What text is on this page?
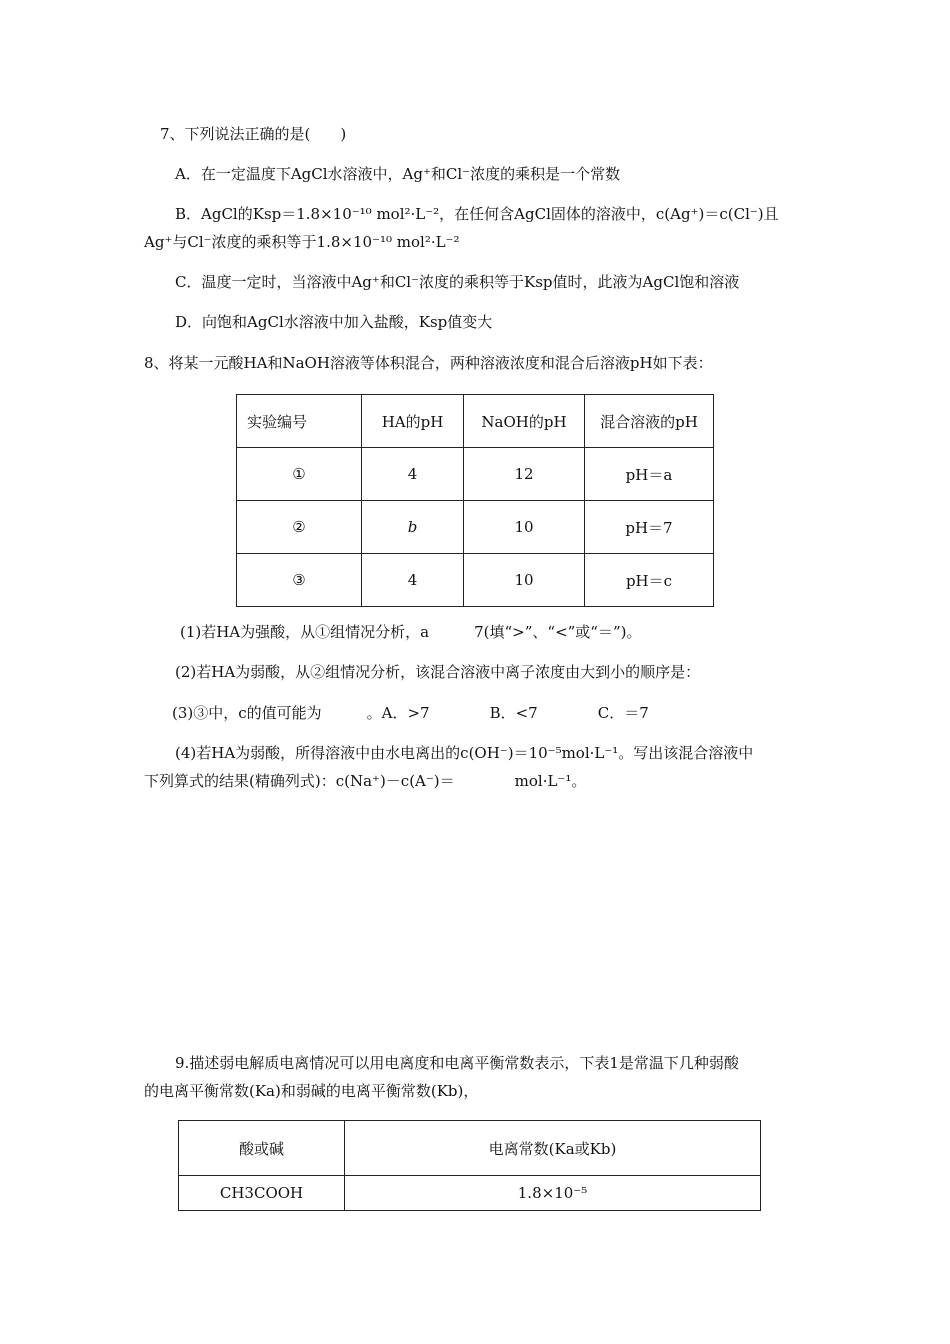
7、下列说法正确的是(　　)
A．在一定温度下AgCl水溶液中，Ag⁺和Cl⁻浓度的乘积是一个常数
B．AgCl的Ksp＝1.8×10⁻¹⁰ mol²·L⁻²，在任何含AgCl固体的溶液中，c(Ag⁺)＝c(Cl⁻)且
Ag⁺与Cl⁻浓度的乘积等于1.8×10⁻¹⁰ mol²·L⁻²
C．温度一定时，当溶液中Ag⁺和Cl⁻浓度的乘积等于Ksp值时，此液为AgCl饱和溶液
D．向饱和AgCl水溶液中加入盐酸，Ksp值变大
8、将某一元酸HA和NaOH溶液等体积混合，两种溶液浓度和混合后溶液pH如下表：
实验编号	HA的pH	NaOH的pH	混合溶液的pH
①	4	12	pH＝a
②	b	10	pH＝7
③	4	10	pH＝c
(1)若HA为强酸，从①组情况分析，a　　　7(填“>”、“<”或“＝”)。
(2)若HA为弱酸，从②组情况分析，该混合溶液中离子浓度由大到小的顺序是：
(3)③中，c的值可能为　　　。A．>7　　　　B．<7　　　　C．＝7
(4)若HA为弱酸，所得溶液中由水电离出的c(OH⁻)＝10⁻⁵mol·L⁻¹。写出该混合溶液中
下列算式的结果(精确列式)：c(Na⁺)－c(A⁻)＝　　　　mol·L⁻¹。
9.描述弱电解质电离情况可以用电离度和电离平衡常数表示，下表1是常温下几种弱酸
的电离平衡常数(Ka)和弱碱的电离平衡常数(Kb)，
酸或碱	电离常数(Ka或Kb)
CH3COOH	1.8×10⁻⁵
